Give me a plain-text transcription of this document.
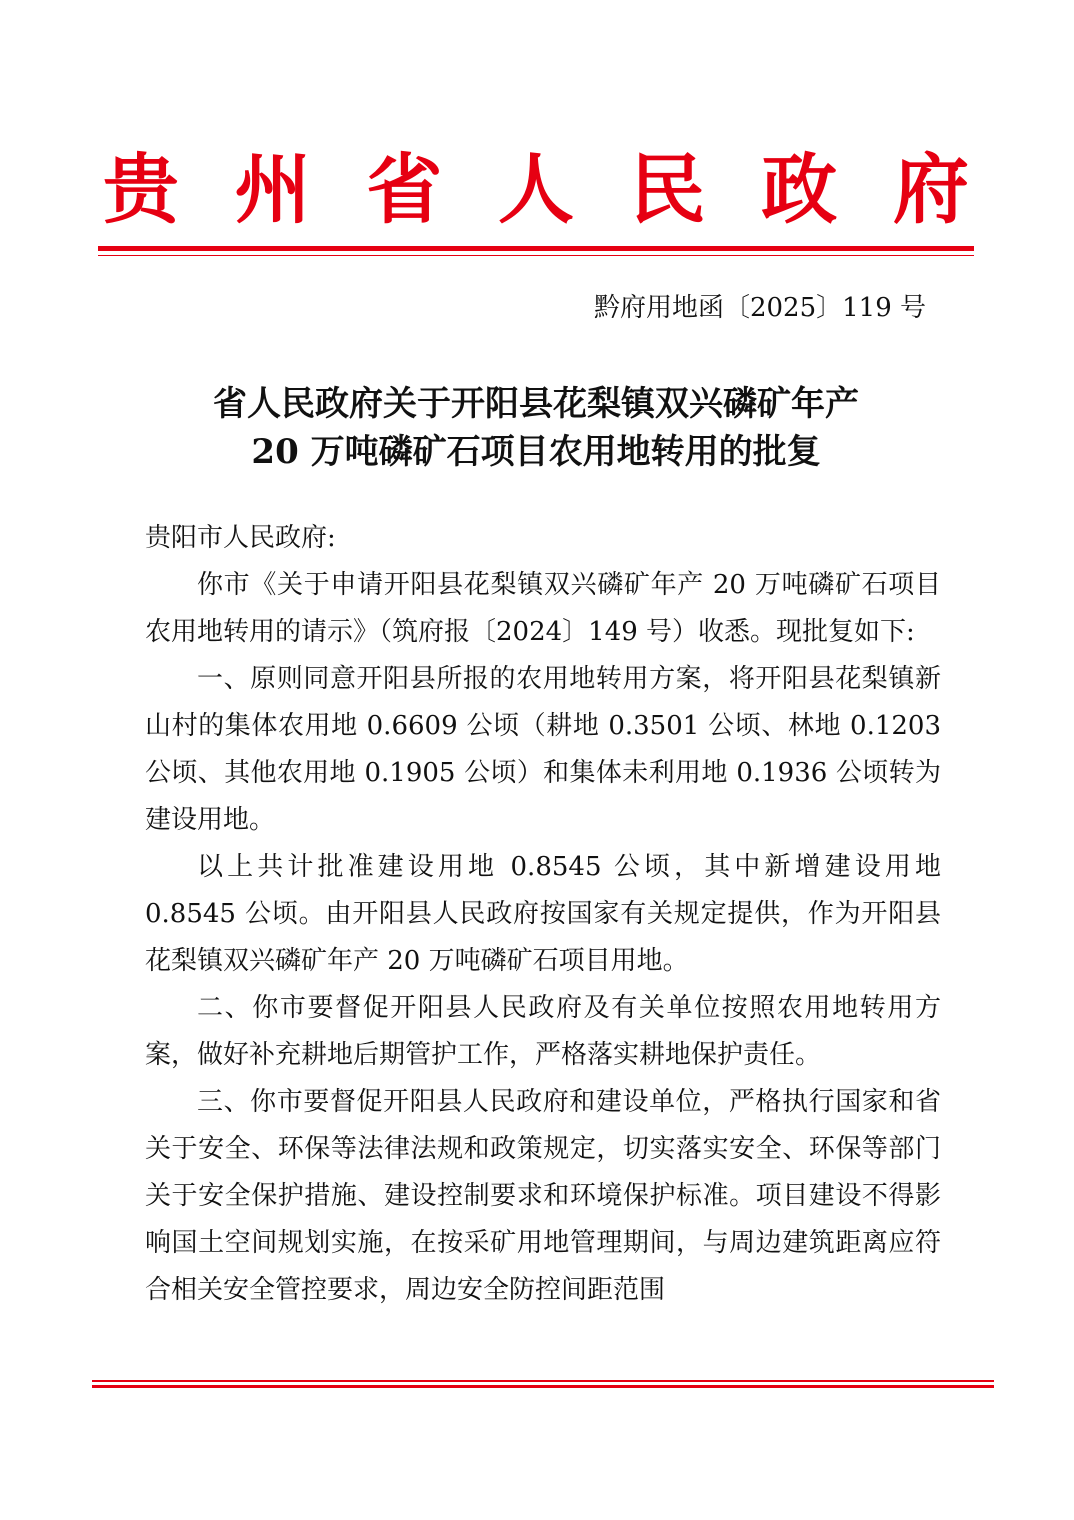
贵 州 省 人 民 政 府
黔府用地函〔2025〕119 号
省人民政府关于开阳县花梨镇双兴磷矿年产
20 万吨磷矿石项目农用地转用的批复

贵阳市人民政府:

你市《关于申请开阳县花梨镇双兴磷矿年产 20 万吨磷矿石项目农用地转用的请示》（筑府报〔2024〕149 号）收悉。现批复如下:

一、原则同意开阳县所报的农用地转用方案，将开阳县花梨镇新山村的集体农用地 0.6609 公顷（耕地 0.3501 公顷、林地 0.1203 公顷、其他农用地 0.1905 公顷）和集体未利用地 0.1936 公顷转为建设用地。

以上共计批准建设用地 0.8545 公顷，其中新增建设用地 0.8545 公顷。由开阳县人民政府按国家有关规定提供，作为开阳县花梨镇双兴磷矿年产 20 万吨磷矿石项目用地。

二、你市要督促开阳县人民政府及有关单位按照农用地转用方案，做好补充耕地后期管护工作，严格落实耕地保护责任。

三、你市要督促开阳县人民政府和建设单位，严格执行国家和省关于安全、环保等法律法规和政策规定，切实落实安全、环保等部门关于安全保护措施、建设控制要求和环境保护标准。项目建设不得影响国土空间规划实施，在按采矿用地管理期间，与周边建筑距离应符合相关安全管控要求，周边安全防控间距范围
